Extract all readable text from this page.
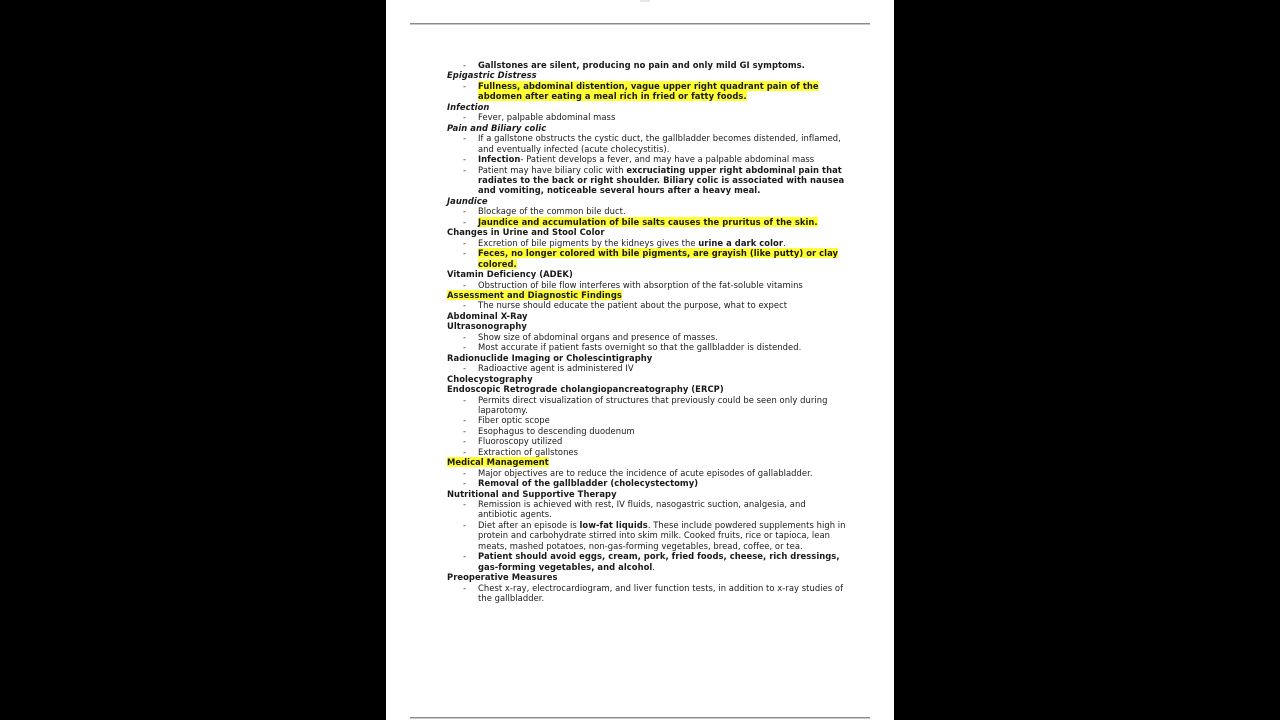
- Gallstones are silent, producing no pain and only mild GI symptoms.
Epigastric Distress
- Fullness, abdominal distention, vague upper right quadrant pain of the abdomen after eating a meal rich in fried or fatty foods.
Infection
- Fever, palpable abdominal mass
Pain and Biliary colic
- If a gallstone obstructs the cystic duct, the gallbladder becomes distended, inflamed, and eventually infected (acute cholecystitis).
- Infection- Patient develops a fever, and may have a palpable abdominal mass
- Patient may have biliary colic with excruciating upper right abdominal pain that radiates to the back or right shoulder. Biliary colic is associated with nausea and vomiting, noticeable several hours after a heavy meal.
Jaundice
- Blockage of the common bile duct.
- Jaundice and accumulation of bile salts causes the pruritus of the skin.
Changes in Urine and Stool Color
- Excretion of bile pigments by the kidneys gives the urine a dark color.
- Feces, no longer colored with bile pigments, are grayish (like putty) or clay colored.
Vitamin Deficiency (ADEK)
- Obstruction of bile flow interferes with absorption of the fat-soluble vitamins
Assessment and Diagnostic Findings
- The nurse should educate the patient about the purpose, what to expect
Abdominal X-Ray
Ultrasonography
- Show size of abdominal organs and presence of masses.
- Most accurate if patient fasts overnight so that the gallbladder is distended.
Radionuclide Imaging or Cholescintigraphy
- Radioactive agent is administered IV
Cholecystography
Endoscopic Retrograde cholangiopancreatography (ERCP)
- Permits direct visualization of structures that previously could be seen only during laparotomy.
- Fiber optic scope
- Esophagus to descending duodenum
- Fluoroscopy utilized
- Extraction of gallstones
Medical Management
- Major objectives are to reduce the incidence of acute episodes of gallabladder.
- Removal of the gallbladder (cholecystectomy)
Nutritional and Supportive Therapy
- Remission is achieved with rest, IV fluids, nasogastric suction, analgesia, and antibiotic agents.
- Diet after an episode is low-fat liquids. These include powdered supplements high in protein and carbohydrate stirred into skim milk. Cooked fruits, rice or tapioca, lean meats, mashed potatoes, non-gas-forming vegetables, bread, coffee, or tea.
- Patient should avoid eggs, cream, pork, fried foods, cheese, rich dressings, gas-forming vegetables, and alcohol.
Preoperative Measures
- Chest x-ray, electrocardiogram, and liver function tests, in addition to x-ray studies of the gallbladder.
